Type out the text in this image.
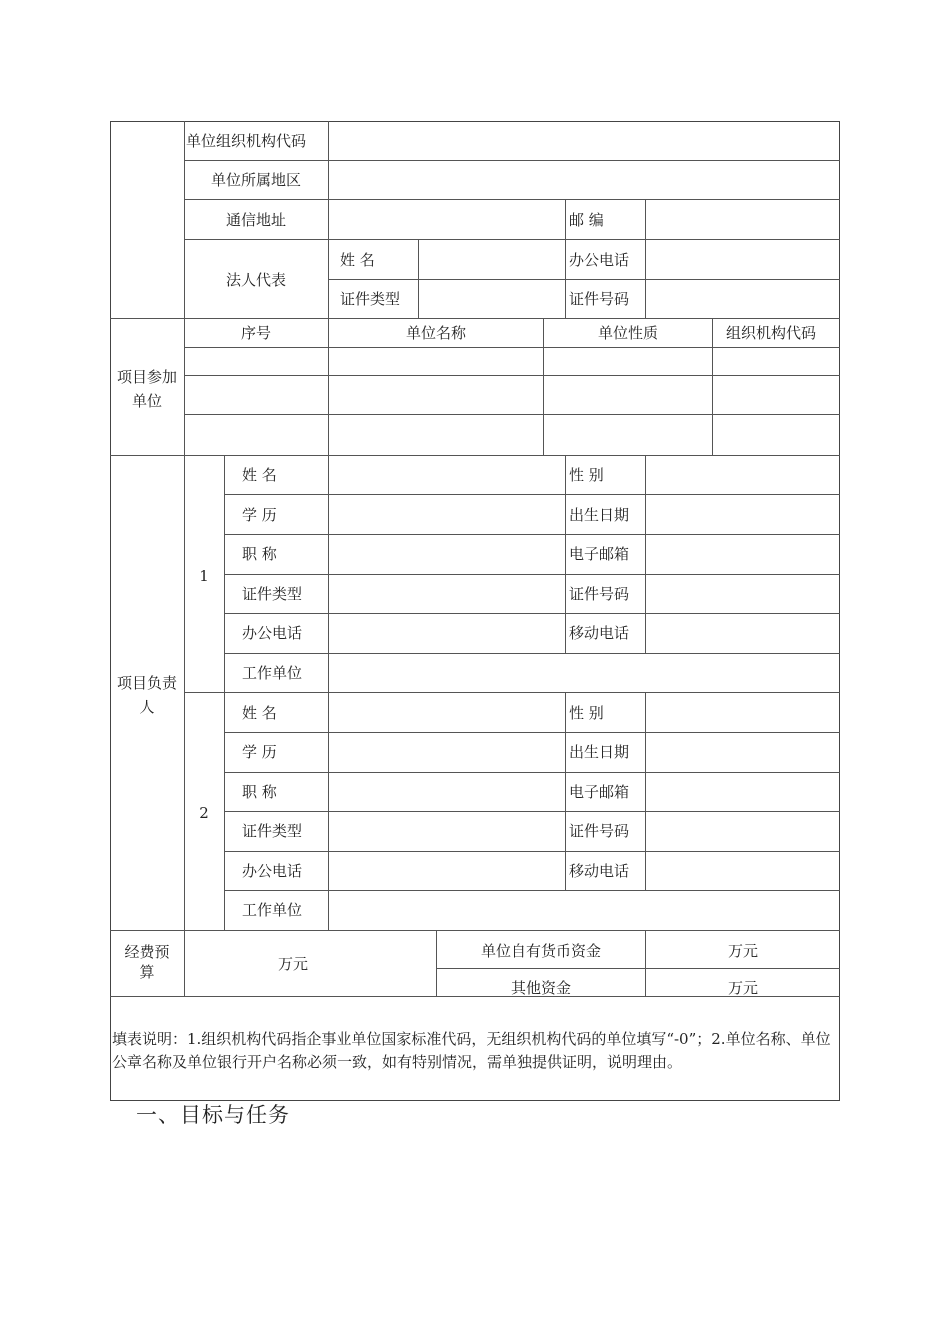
单位组织机构代码
单位所属地区
通信地址	邮 编
法人代表
姓 名	办公电话
证件类型	证件号码
项目参加单位
序号	单位名称	单位性质	组织机构代码
项目负责人
1
姓 名	性 别
学 历	出生日期
职 称	电子邮箱
证件类型	证件号码
办公电话	移动电话
工作单位
2
姓 名	性 别
学 历	出生日期
职 称	电子邮箱
证件类型	证件号码
办公电话	移动电话
工作单位
经费预算	万元
单位自有货币资金	万元
其他资金	万元
填表说明：1.组织机构代码指企事业单位国家标准代码，无组织机构代码的单位填写“-0”；2.单位名称、单位公章名称及单位银行开户名称必须一致，如有特别情况，需单独提供证明，说明理由。
一、目标与任务
